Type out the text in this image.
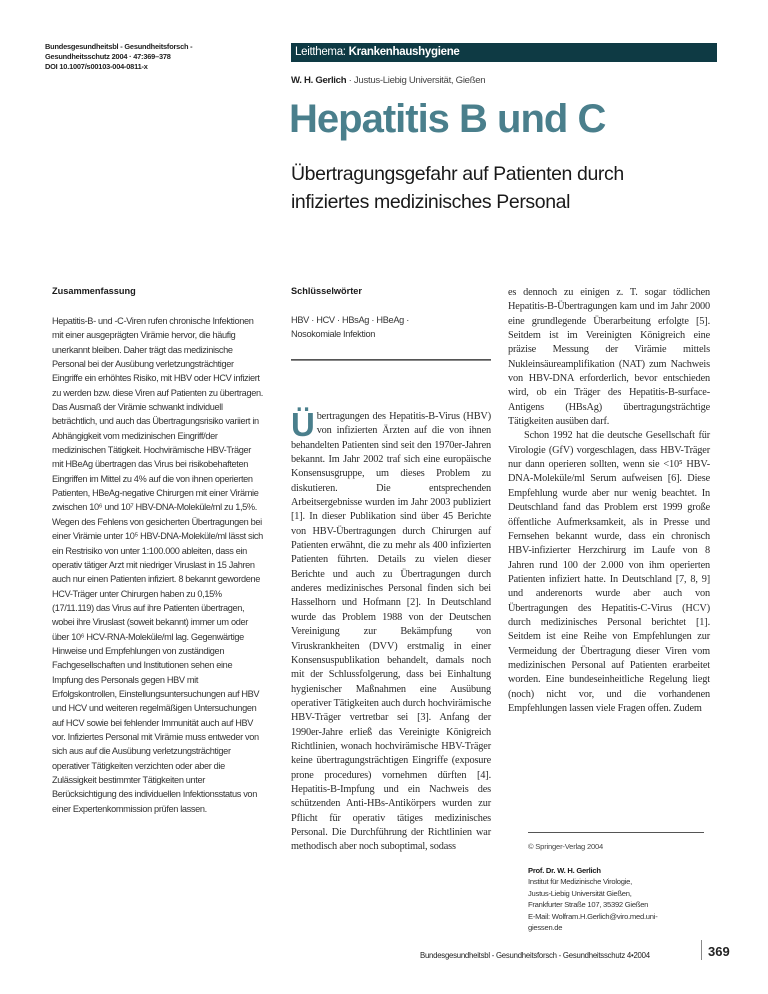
Bundesgesundheitsbl - Gesundheitsforsch -
Gesundheitsschutz 2004 · 47:369–378
DOI 10.1007/s00103-004-0811-x
Leitthema: Krankenhaushygiene
W. H. Gerlich · Justus-Liebig Universität, Gießen
Hepatitis B und C
Übertragungsgefahr auf Patienten durch
infiziertes medizinisches Personal
Zusammenfassung

Hepatitis-B- und -C-Viren rufen chronische Infektionen mit einer ausgeprägten Virämie hervor, die häufig unerkannt bleiben. Daher trägt das medizinische Personal bei der Ausübung verletzungsträchtiger Eingriffe ein erhöhtes Risiko, mit HBV oder HCV infiziert zu werden bzw. diese Viren auf Patienten zu übertragen. Das Ausmaß der Virämie schwankt individuell beträchtlich, und auch das Übertragungsrisiko variiert in Abhängigkeit vom medizinischen Eingriff/der medizinischen Tätigkeit. Hochvirämische HBV-Träger mit HBeAg übertragen das Virus bei risikobehafteten Eingriffen im Mittel zu 4% auf die von ihnen operierten Patienten, HBeAg-negative Chirurgen mit einer Virämie zwischen 10⁶ und 10⁷ HBV-DNA-Moleküle/ml zu 1,5%. Wegen des Fehlens von gesicherten Übertragungen bei einer Virämie unter 10⁵ HBV-DNA-Moleküle/ml lässt sich ein Restrisiko von unter 1:100.000 ableiten, dass ein operativ tätiger Arzt mit niedriger Viruslast in 15 Jahren auch nur einen Patienten infiziert. 8 bekannt gewordene HCV-Träger unter Chirurgen haben zu 0,15% (17/11.119) das Virus auf ihre Patienten übertragen, wobei ihre Viruslast (soweit bekannt) immer um oder über 10⁶ HCV-RNA-Moleküle/ml lag. Gegenwärtige Hinweise und Empfehlungen von zuständigen Fachgesellschaften und Institutionen sehen eine Impfung des Personals gegen HBV mit Erfolgskontrollen, Einstellungsuntersuchungen auf HBV und HCV und weiteren regelmäßigen Untersuchungen auf HCV sowie bei fehlender Immunität auch auf HBV vor. Infiziertes Personal mit Virämie muss entweder von sich aus auf die Ausübung verletzungsträchtiger operativer Tätigkeiten verzichten oder aber die Zulässigkeit bestimmter Tätigkeiten unter Berücksichtigung des individuellen Infektionsstatus von einer Expertenkommission prüfen lassen.

Schlüsselwörter
HBV · HCV · HBsAg · HBeAg ·
Nosokomiale Infektion

Übertragungen des Hepatitis-B-Virus (HBV) von infizierten Ärzten auf die von ihnen behandelten Patienten sind seit den 1970er-Jahren bekannt. Im Jahr 2002 traf sich eine europäische Konsensusgruppe, um dieses Problem zu diskutieren. Die entsprechenden Arbeitsergebnisse wurden im Jahr 2003 publiziert [1]. In dieser Publikation sind über 45 Berichte von HBV-Übertragungen durch Chirurgen auf Patienten erwähnt, die zu mehr als 400 infizierten Patienten führten. Details zu vielen dieser Berichte und auch zu Übertragungen durch anderes medizinisches Personal finden sich bei Hasselhorn und Hofmann [2]. In Deutschland wurde das Problem 1988 von der Deutschen Vereinigung zur Bekämpfung von Viruskrankheiten (DVV) erstmalig in einer Konsensuspublikation behandelt, damals noch mit der Schlussfolgerung, dass bei Einhaltung hygienischer Maßnahmen eine Ausübung operativer Tätigkeiten auch durch hochvirämische HBV-Träger vertretbar sei [3]. Anfang der 1990er-Jahre erließ das Vereinigte Königreich Richtlinien, wonach hochvirämische HBV-Träger keine übertragungsträchtigen Eingriffe (exposure prone procedures) vornehmen dürften [4]. Hepatitis-B-Impfung und ein Nachweis des schützenden Anti-HBs-Antikörpers wurden zur Pflicht für operativ tätiges medizinisches Personal. Die Durchführung der Richtlinien war methodisch aber noch suboptimal, sodass

es dennoch zu einigen z. T. sogar tödlichen Hepatitis-B-Übertragungen kam und im Jahr 2000 eine grundlegende Überarbeitung erfolgte [5]. Seitdem ist im Vereinigten Königreich eine präzise Messung der Virämie mittels Nukleinsäureamplifikation (NAT) zum Nachweis von HBV-DNA erforderlich, bevor entschieden wird, ob ein Träger des Hepatitis-B-surface-Antigens (HBsAg) übertragungsträchtige Tätigkeiten ausüben darf.

Schon 1992 hat die deutsche Gesellschaft für Virologie (GfV) vorgeschlagen, dass HBV-Träger nur dann operieren sollten, wenn sie <10⁵ HBV-DNA-Moleküle/ml Serum aufweisen [6]. Diese Empfehlung wurde aber nur wenig beachtet. In Deutschland fand das Problem erst 1999 große öffentliche Aufmerksamkeit, als in Presse und Fernsehen bekannt wurde, dass ein chronisch HBV-infizierter Herzchirurg im Laufe von 8 Jahren rund 100 der 2.000 von ihm operierten Patienten infiziert hatte. In Deutschland [7, 8, 9] und anderenorts wurde aber auch von Übertragungen des Hepatitis-C-Virus (HCV) durch medizinisches Personal berichtet [1]. Seitdem ist eine Reihe von Empfehlungen zur Vermeidung der Übertragung dieser Viren vom medizinischen Personal auf Patienten erarbeitet worden. Eine bundeseinheitliche Regelung liegt (noch) nicht vor, und die vorhandenen Empfehlungen lassen viele Fragen offen. Zudem

© Springer-Verlag 2004
Prof. Dr. W. H. Gerlich
Institut für Medizinische Virologie,
Justus-Liebig Universität Gießen,
Frankfurter Straße 107, 35392 Gießen
E-Mail: Wolfram.H.Gerlich@viro.med.uni-
giessen.de
Bundesgesundheitsbl - Gesundheitsforsch - Gesundheitsschutz 4•2004	369
